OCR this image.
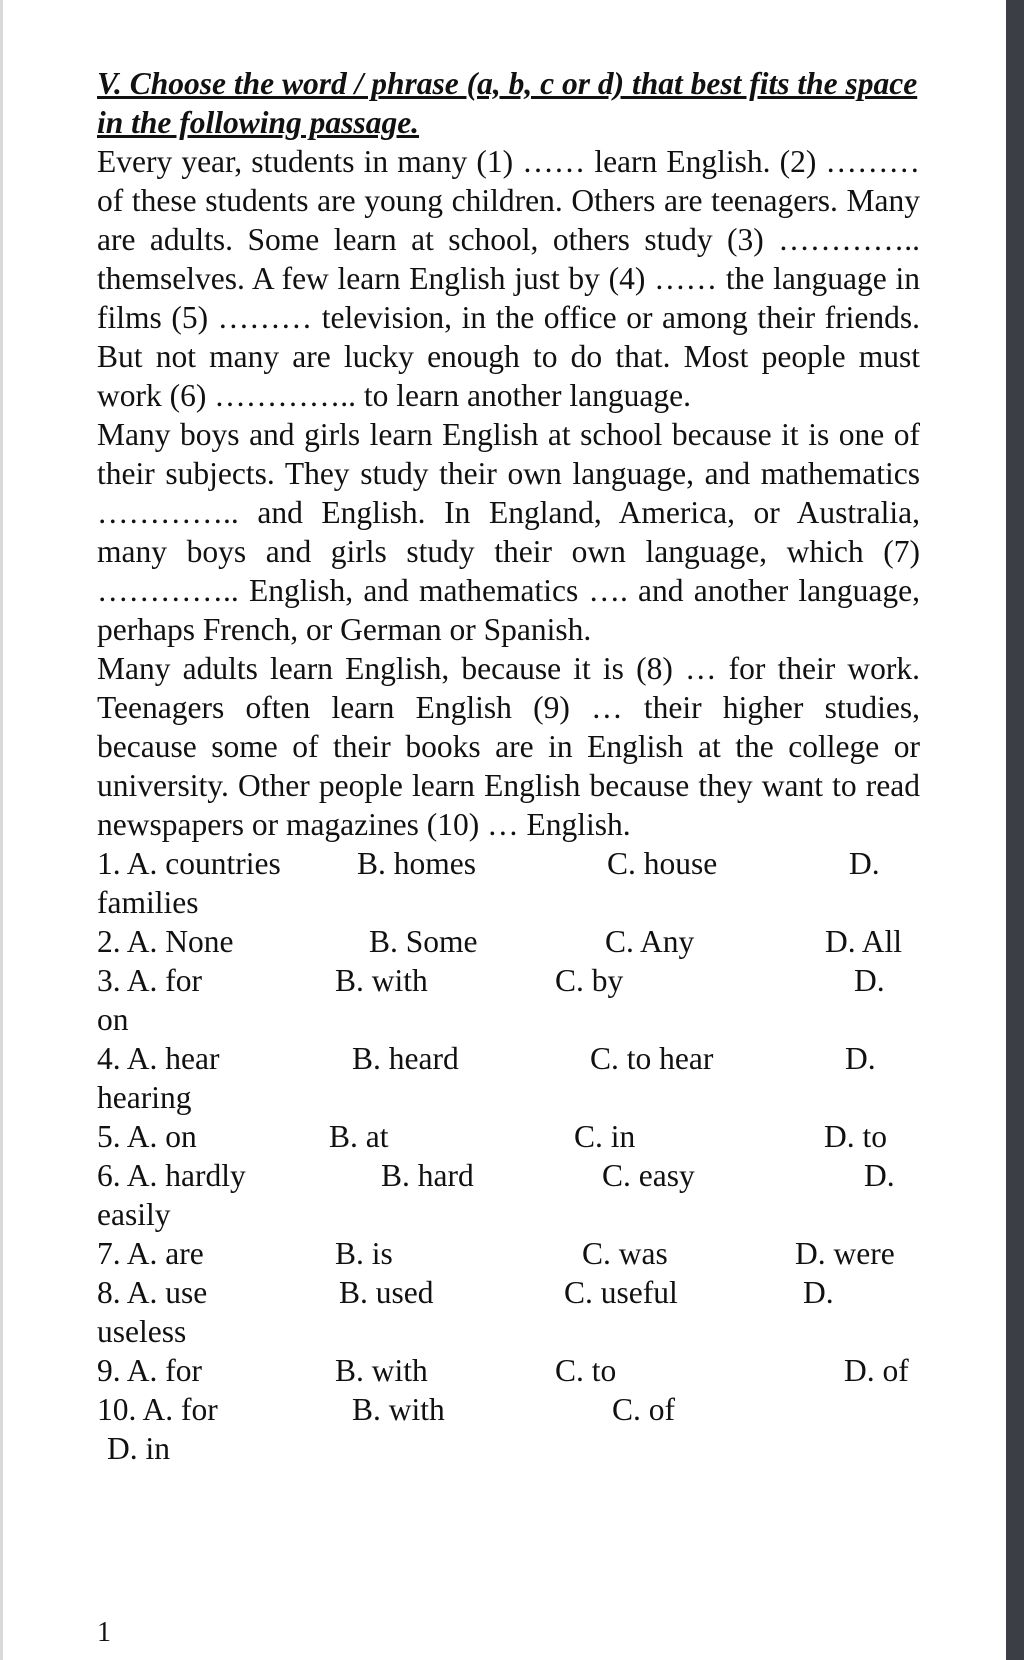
V. Choose the word / phrase (a, b, c or d) that best fits the space in the following passage.
Every year, students in many (1) …… learn English. (2) ……… of these students are young children. Others are teenagers. Many are adults. Some learn at school, others study (3) ………….. themselves. A few learn English just by (4) …… the language in films (5) ……… television, in the office or among their friends. But not many are lucky enough to do that. Most people must work (6) ………….. to learn another language.
Many boys and girls learn English at school because it is one of their subjects. They study their own language, and mathematics ………….. and English. In England, America, or Australia, many boys and girls study their own language, which (7) ………….. English, and mathematics …. and another language, perhaps French, or German or Spanish.
Many adults learn English, because it is (8) … for their work. Teenagers often learn English (9) … their higher studies, because some of their books are in English at the college or university. Other people learn English because they want to read newspapers or magazines (10) … English.
1. A. countries B. homes	C. house	D.
families
2. A. None	B. Some	C. Any	D. All
3. A. for	B. with	C. by	D.
on
4. A. hear	B. heard	C. to hear	D.
hearing
5. A. on	B. at	C. in	D. to
6. A. hardly	B. hard	C. easy	D.
easily
7. A. are	B. is	C. was	D. were
8. A. use	B. used	C. useful	D.
useless
9. A. for	B. with	C. to	D. of
10. A. for	B. with	C. of
D. in
1
